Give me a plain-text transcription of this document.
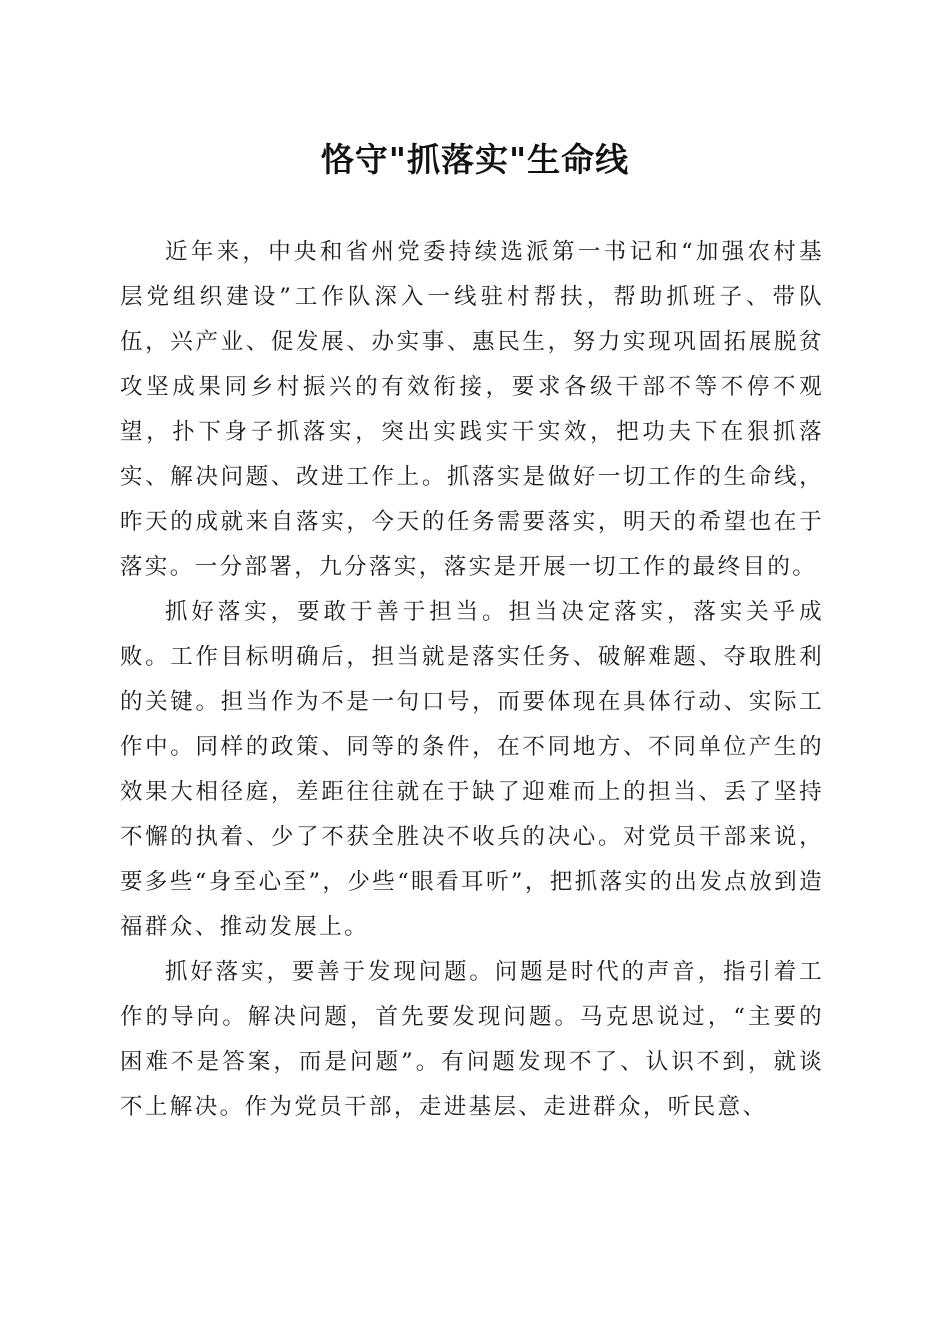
恪守"抓落实"生命线

近年来，中央和省州党委持续选派第一书记和“加强农村基层党组织建设”工作队深入一线驻村帮扶，帮助抓班子、带队伍，兴产业、促发展、办实事、惠民生，努力实现巩固拓展脱贫攻坚成果同乡村振兴的有效衔接，要求各级干部不等不停不观望，扑下身子抓落实，突出实践实干实效，把功夫下在狠抓落实、解决问题、改进工作上。抓落实是做好一切工作的生命线，昨天的成就来自落实，今天的任务需要落实，明天的希望也在于落实。一分部署，九分落实，落实是开展一切工作的最终目的。

抓好落实，要敢于善于担当。担当决定落实，落实关乎成败。工作目标明确后，担当就是落实任务、破解难题、夺取胜利的关键。担当作为不是一句口号，而要体现在具体行动、实际工作中。同样的政策、同等的条件，在不同地方、不同单位产生的效果大相径庭，差距往往就在于缺了迎难而上的担当、丢了坚持不懈的执着、少了不获全胜决不收兵的决心。对党员干部来说，要多些“身至心至”，少些“眼看耳听”，把抓落实的出发点放到造福群众、推动发展上。

抓好落实，要善于发现问题。问题是时代的声音，指引着工作的导向。解决问题，首先要发现问题。马克思说过，“主要的困难不是答案，而是问题”。有问题发现不了、认识不到，就谈不上解决。作为党员干部，走进基层、走进群众，听民意、
